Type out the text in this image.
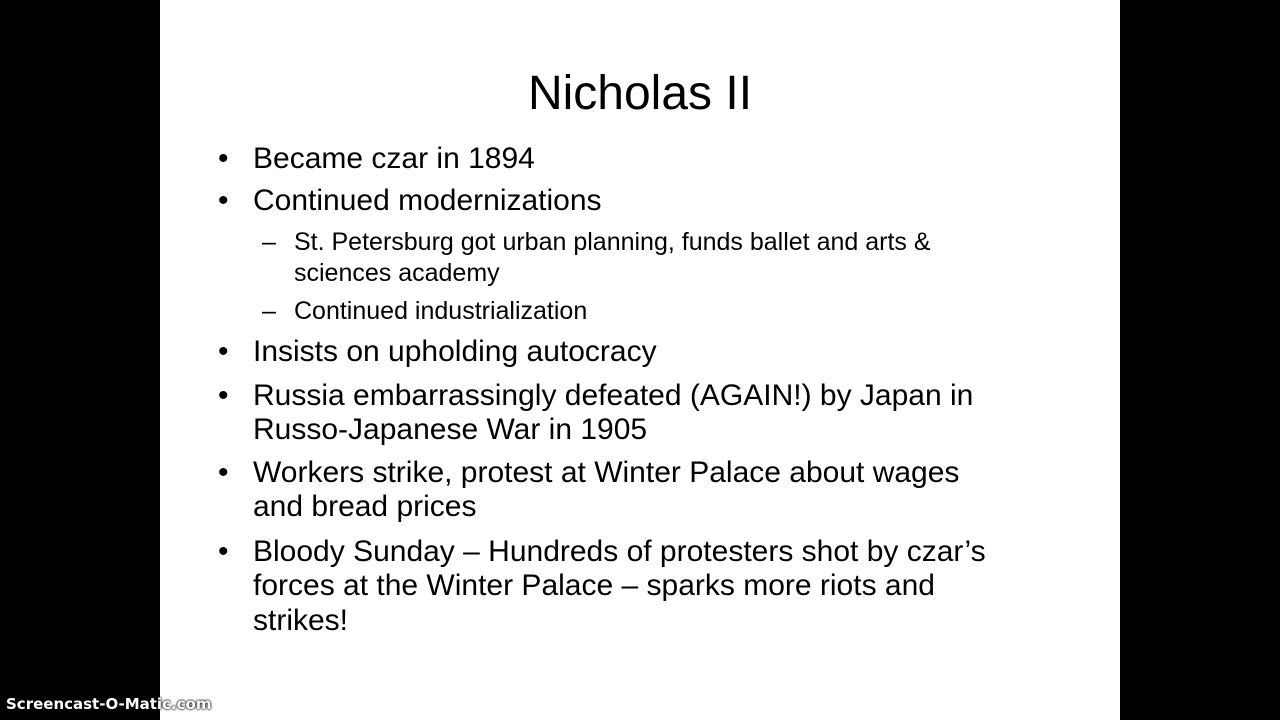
Nicholas II
• Became czar in 1894
• Continued modernizations
– St. Petersburg got urban planning, funds ballet and arts &
sciences academy
– Continued industrialization
• Insists on upholding autocracy
• Russia embarrassingly defeated (AGAIN!) by Japan in
Russo-Japanese War in 1905
• Workers strike, protest at Winter Palace about wages
and bread prices
• Bloody Sunday – Hundreds of protesters shot by czar’s
forces at the Winter Palace – sparks more riots and
strikes!
Screencast-O-Matic.com
